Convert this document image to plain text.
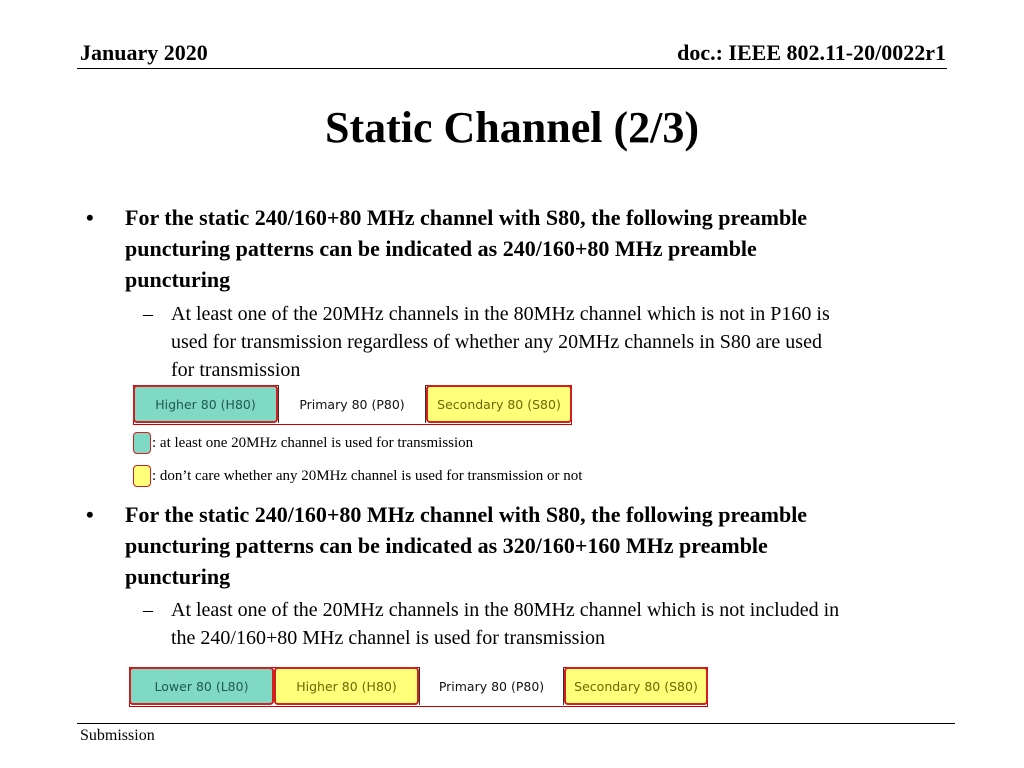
January 2020	doc.: IEEE 802.11-20/0022r1
Static Channel (2/3)
• For the static 240/160+80 MHz channel with S80, the following preamble
puncturing patterns can be indicated as 240/160+80 MHz preamble
puncturing
– At least one of the 20MHz channels in the 80MHz channel which is not in P160 is
used for transmission regardless of whether any 20MHz channels in S80 are used
for transmission
Higher 80 (H80)	Primary 80 (P80)	Secondary 80 (S80)
: at least one 20MHz channel is used for transmission
: don’t care whether any 20MHz channel is used for transmission or not
• For the static 240/160+80 MHz channel with S80, the following preamble
puncturing patterns can be indicated as 320/160+160 MHz preamble
puncturing
– At least one of the 20MHz channels in the 80MHz channel which is not included in
the 240/160+80 MHz channel is used for transmission
Lower 80 (L80)	Higher 80 (H80)	Primary 80 (P80)	Secondary 80 (S80)
Submission
